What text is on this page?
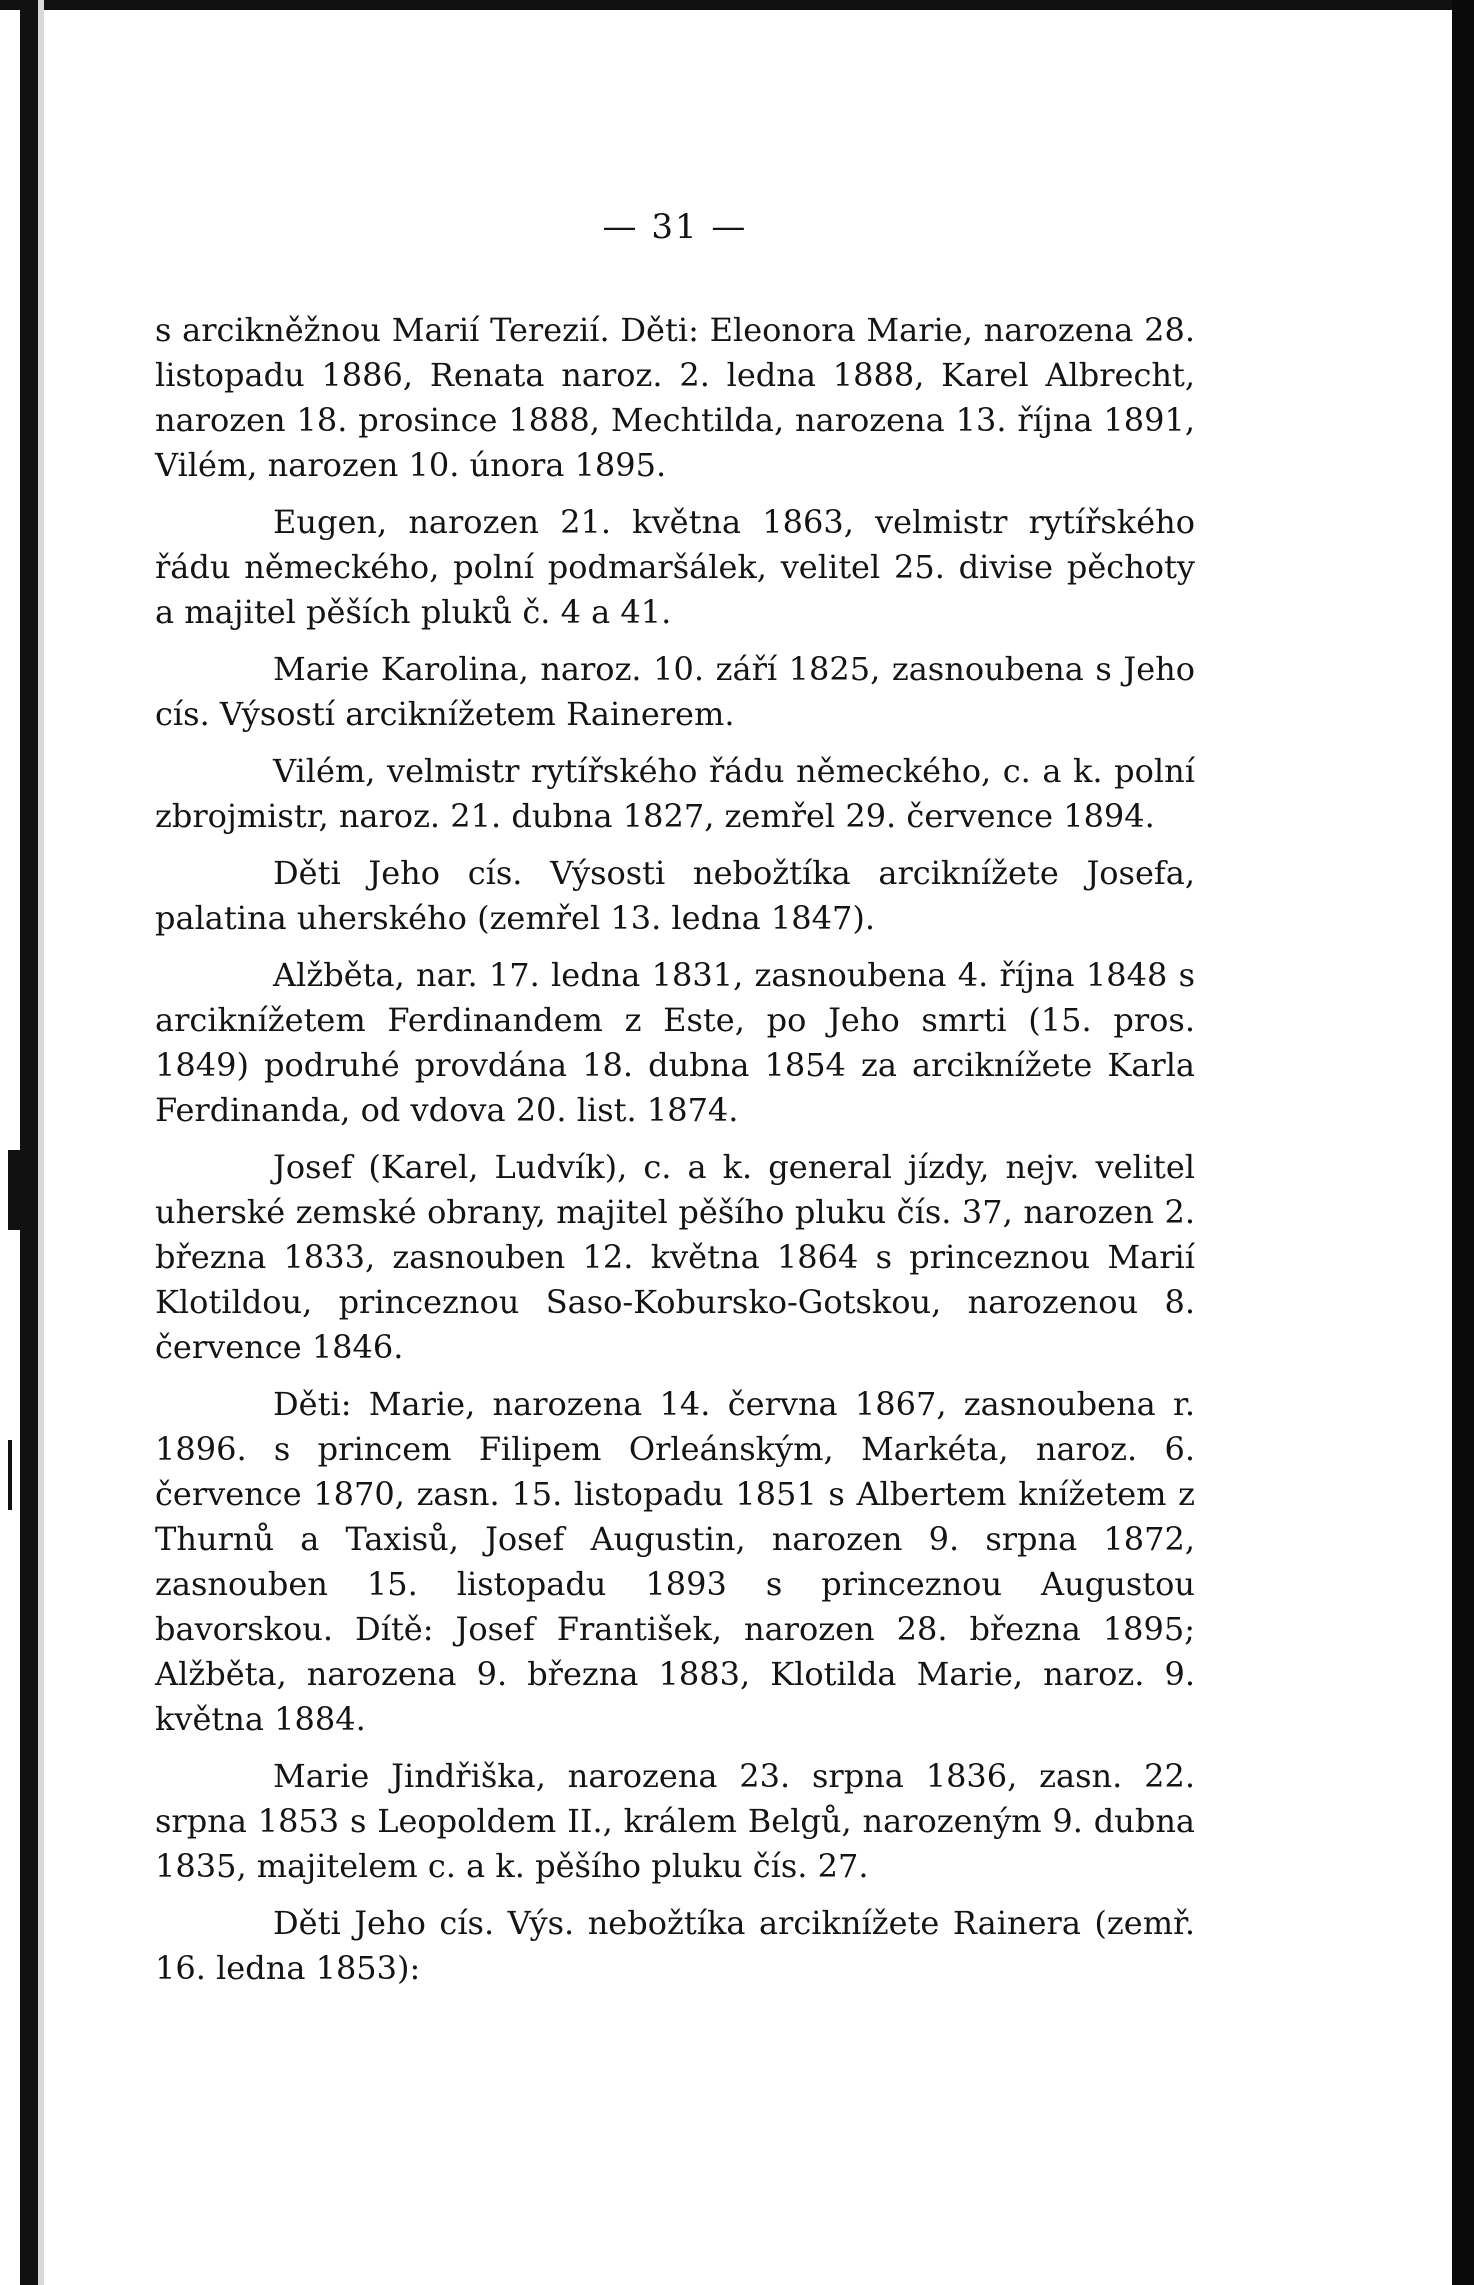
— 31 —

s arcikněžnou Marií Terezií. Děti: Eleonora Marie, narozena 28. listopadu 1886, Renata naroz. 2. ledna 1888, Karel Albrecht, narozen 18. prosince 1888, Mechtilda, narozena 13. října 1891, Vilém, narozen 10. února 1895.

Eugen, narozen 21. května 1863, velmistr rytířského řádu německého, polní podmaršálek, velitel 25. divise pěchoty a majitel pěších pluků č. 4 a 41.

Marie Karolina, naroz. 10. září 1825, zasnoubena s Jeho cís. Výsostí arciknížetem Rainerem.

Vilém, velmistr rytířského řádu německého, c. a k. polní zbrojmistr, naroz. 21. dubna 1827, zemřel 29. července 1894.

Děti Jeho cís. Výsosti nebožtíka arciknížete Josefa, palatina uherského (zemřel 13. ledna 1847).

Alžběta, nar. 17. ledna 1831, zasnoubena 4. října 1848 s arciknížetem Ferdinandem z Este, po Jeho smrti (15. pros. 1849) podruhé provdána 18. dubna 1854 za arciknížete Karla Ferdinanda, od vdova 20. list. 1874.

Josef (Karel, Ludvík), c. a k. general jízdy, nejv. velitel uherské zemské obrany, majitel pěšího pluku čís. 37, narozen 2. března 1833, zasnouben 12. května 1864 s princeznou Marií Klotildou, princeznou Saso-Kobursko-Gotskou, narozenou 8. července 1846.

Děti: Marie, narozena 14. června 1867, zasnoubena r. 1896. s princem Filipem Orleánským, Markéta, naroz. 6. července 1870, zasn. 15. listopadu 1851 s Albertem knížetem z Thurnů a Taxisů, Josef Augustin, narozen 9. srpna 1872, zasnouben 15. listopadu 1893 s princeznou Augustou bavorskou. Dítě: Josef František, narozen 28. března 1895; Alžběta, narozena 9. března 1883, Klotilda Marie, naroz. 9. května 1884.

Marie Jindřiška, narozena 23. srpna 1836, zasn. 22. srpna 1853 s Leopoldem II., králem Belgů, narozeným 9. dubna 1835, majitelem c. a k. pěšího pluku čís. 27.

Děti Jeho cís. Výs. nebožtíka arciknížete Rainera (zemř. 16. ledna 1853):
